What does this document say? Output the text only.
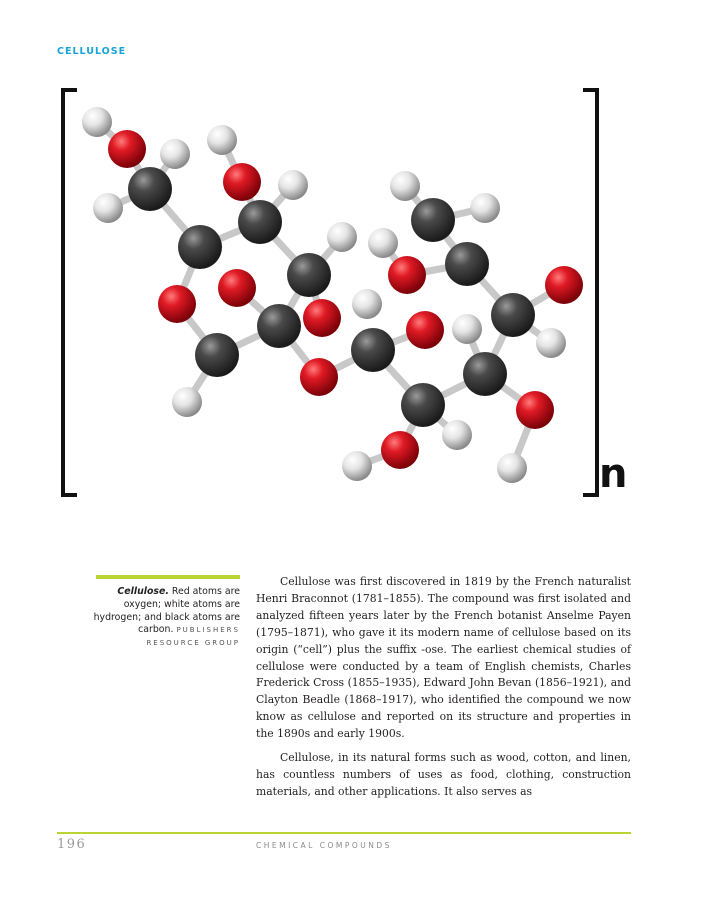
CELLULOSE
n
Cellulose. Red atoms are oxygen; white atoms are hydrogen; and black atoms are carbon. PUBLISHERS RESOURCE GROUP

Cellulose was first discovered in 1819 by the French naturalist Henri Braconnot (1781–1855). The compound was first isolated and analyzed fifteen years later by the French botanist Anselme Payen (1795–1871), who gave it its modern name of cellulose based on its origin (“cell”) plus the suffix -ose. The earliest chemical studies of cellulose were conducted by a team of English chemists, Charles Frederick Cross (1855–1935), Edward John Bevan (1856–1921), and Clayton Beadle (1868–1917), who identified the compound we now know as cellulose and reported on its structure and properties in the 1890s and early 1900s.

Cellulose, in its natural forms such as wood, cotton, and linen, has countless numbers of uses as food, clothing, construction materials, and other applications. It also serves as

196	CHEMICAL COMPOUNDS
